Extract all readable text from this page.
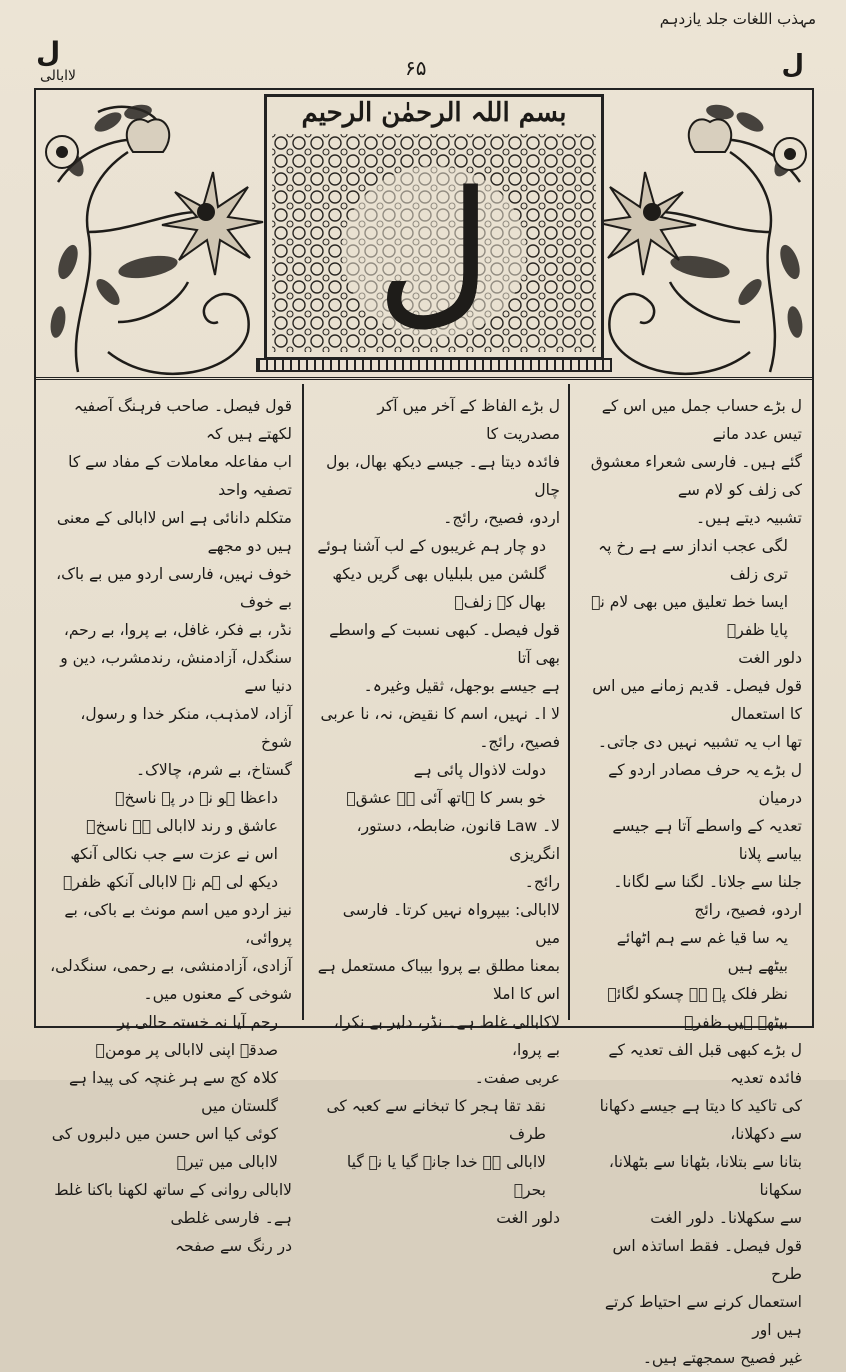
مہذب اللغات جلد یازدہم
ل	ل
۶۵
لاابالی
بسم اللہ الرحمٰن الرحیم
ل

ل بڑے حساب جمل میں اس کے تیس عدد مانے

گئے ہیں۔ فارسی شعراء معشوق کی زلف کو لام سے

تشبیہ دیتے ہیں۔

لگی عجب انداز سے ہے رخ پہ تری زلف

ایسا خط تعلیق میں بھی لام نہ پایا ظفرؔ

دلور الغت

قول فیصل۔ قدیم زمانے میں اس کا استعمال

تھا اب یہ تشبیہ نہیں دی جاتی۔

ل بڑے یہ حرف مصادر اردو کے درمیان

تعدیہ کے واسطے آتا ہے جیسے بیاسے پلانا

جلنا سے جلانا۔ لگنا سے لگانا۔ اردو، فصیح، رائج

یہ سا قیا غم سے ہم اٹھائے بیٹھے ہیں

نظر فلک پہ ہے چسکو لگائے بیٹھے ہیں ظفرؔ

ل بڑے کبھی قبل الف تعدیہ کے فائدہ تعدیہ

کی تاکید کا دیتا ہے جیسے دکھانا سے دکھلانا،

بتانا سے بتلانا، بٹھانا سے بٹھلانا، سکھانا

سے سکھلانا۔ دلور الغت

قول فیصل۔ فقط اساتذہ اس طرح

استعمال کرنے سے احتیاط کرتے ہیں اور

غیر فصیح سمجھتے ہیں۔

ل بڑے الفاظ کے آخر میں آکر مصدریت کا

فائدہ دیتا ہے۔ جیسے دیکھ بھال، بول چال

اردو، فصیح، رائج۔

دو چار ہم غریبوں کے لب آشنا ہوئے

گلشن میں بلبلیاں بھی گریں دیکھ بھال کے زلفؔ

قول فیصل۔ کبھی نسبت کے واسطے بھی آتا

ہے جیسے بوجھل، ثقیل وغیرہ۔

لا ا۔ نہیں، اسم کا نقیض، نہ، نا عربی

فصیح، رائج۔

دولت لاذوال پائی ہے

خو بسر کا ہاتھ آئی ہے عشقؔ

لا۔ Law قانون، ضابطہ، دستور، انگریزی

رائج۔

لاابالی: بیپرواہ نہیں کرتا۔ فارسی میں

بمعنا مطلق بے پروا بیباک مستعمل ہے اس کا املا

لاکابالی غلط ہے۔ نڈر، دلیر بے نکرا، بے پروا،

عربی صفت۔

نقد تقا ہجر کا تبخانے سے کعبہ کی طرف

لاابالی ہے خدا جانے گیا یا نہ گیا بحرؔ

دلور الغت

قول فیصل۔ صاحب فرہنگ آصفیہ لکھتے ہیں کہ

اب مفاعلہ معاملات کے مفاد سے کا تصفیہ واحد

متکلم دانائی ہے اس لاابالی کے معنی ہیں دو مجھے

خوف نہیں، فارسی اردو میں بے باک، بے خوف

نڈر، بے فکر، غافل، بے پروا، بے رحم،

سنگدل، آزادمنش، رندمشرب، دین و دنیا سے

آزاد، لامذہب، منکر خدا و رسول، شوخ

گستاخ، بے شرم، چالاک۔

داعظا ہو نہ در پے ناسخؔ

عاشق و رند لاابالی ہے ناسخؔ

اس نے عزت سے جب نکالی آنکھ

دیکھ لی ہم نے لاابالی آنکھ ظفرؔ

نیز اردو میں اسم مونث بے باکی، بے پروائی،

آزادی، آزادمنشی، بے رحمی، سنگدلی،

شوخی کے معنوں میں۔

رحم آیا نہ خستہ حالی پر

صدقے اپنی لاابالی پر مومنؔ

کلاہ کج سے ہر غنچہ کی پیدا ہے گلستان میں

کوئی کیا اس حسن میں دلبروں کی لاابالی میں تیرؔ

لاابالی روانی کے ساتھ لکھنا باکنا غلط ہے۔ فارسی غلطی

در رنگ سے صفحہ
